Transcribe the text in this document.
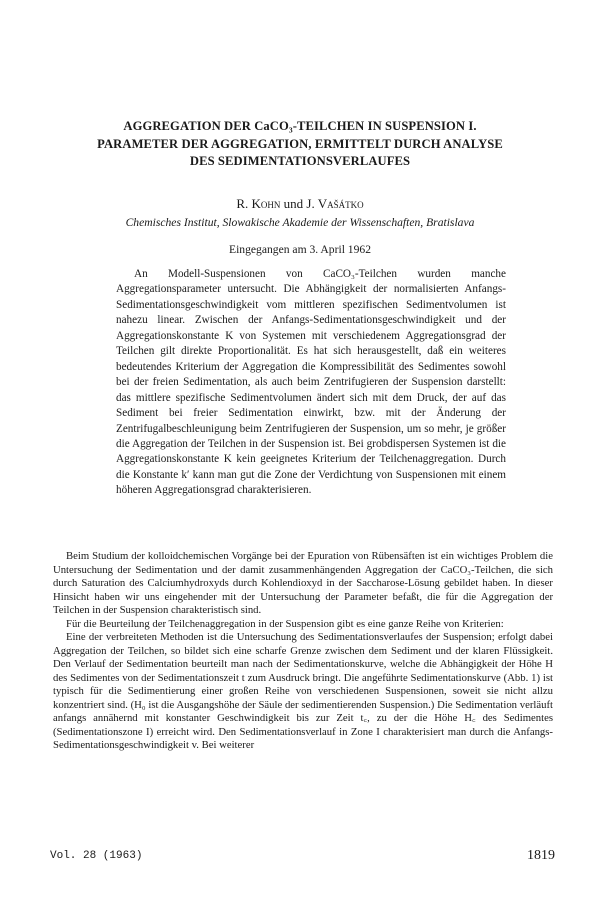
AGGREGATION DER CaCO₃-TEILCHEN IN SUSPENSION I.
PARAMETER DER AGGREGATION, ERMITTELT DURCH ANALYSE
DES SEDIMENTATIONSVERLAUFES
R. Kohn und J. Vašátko
Chemisches Institut, Slowakische Akademie der Wissenschaften, Bratislava
Eingegangen am 3. April 1962

An Modell-Suspensionen von CaCO₃-Teilchen wurden manche Aggregationsparameter untersucht. Die Abhängigkeit der normalisierten Anfangs-Sedimentationsgeschwindigkeit vom mittleren spezifischen Sedimentvolumen ist nahezu linear. Zwischen der Anfangs-Sedimentationsgeschwindigkeit und der Aggregationskonstante K von Systemen mit verschiedenem Aggregationsgrad der Teilchen gilt direkte Proportionalität. Es hat sich herausgestellt, daß ein weiteres bedeutendes Kriterium der Aggregation die Kompressibilität des Sedimentes sowohl bei der freien Sedimentation, als auch beim Zentrifugieren der Suspension darstellt: das mittlere spezifische Sedimentvolumen ändert sich mit dem Druck, der auf das Sediment bei freier Sedimentation einwirkt, bzw. mit der Änderung der Zentrifugalbeschleunigung beim Zentrifugieren der Suspension, um so mehr, je größer die Aggregation der Teilchen in der Suspension ist. Bei grobdispersen Systemen ist die Aggregationskonstante K kein geeignetes Kriterium der Teilchenaggregation. Durch die Konstante k′ kann man gut die Zone der Verdichtung von Suspensionen mit einem höheren Aggregationsgrad charakterisieren.

Beim Studium der kolloidchemischen Vorgänge bei der Epuration von Rübensäften ist ein wichtiges Problem die Untersuchung der Sedimentation und der damit zusammenhängenden Aggregation der CaCO₃-Teilchen, die sich durch Saturation des Calciumhydroxyds durch Kohlendioxyd in der Saccharose-Lösung gebildet haben. In dieser Hinsicht haben wir uns eingehender mit der Untersuchung der Parameter befaßt, die für die Aggregation der Teilchen in der Suspension charakteristisch sind.

Für die Beurteilung der Teilchenaggregation in der Suspension gibt es eine ganze Reihe von Kriterien:

Eine der verbreiteten Methoden ist die Untersuchung des Sedimentationsverlaufes der Suspension; erfolgt dabei Aggregation der Teilchen, so bildet sich eine scharfe Grenze zwischen dem Sediment und der klaren Flüssigkeit. Den Verlauf der Sedimentation beurteilt man nach der Sedimentationskurve, welche die Abhängigkeit der Höhe H des Sedimentes von der Sedimentationszeit t zum Ausdruck bringt. Die angeführte Sedimentationskurve (Abb. 1) ist typisch für die Sedimentierung einer großen Reihe von verschiedenen Suspensionen, soweit sie nicht allzu konzentriert sind. (H₀ ist die Ausgangshöhe der Säule der sedimentierenden Suspension.) Die Sedimentation verläuft anfangs annähernd mit konstanter Geschwindigkeit bis zur Zeit t꜀, zu der die Höhe H꜀ des Sedimentes (Sedimentationszone I) erreicht wird. Den Sedimentationsverlauf in Zone I charakterisiert man durch die Anfangs-Sedimentationsgeschwindigkeit v. Bei weiterer

Vol. 28 (1963)	1819
